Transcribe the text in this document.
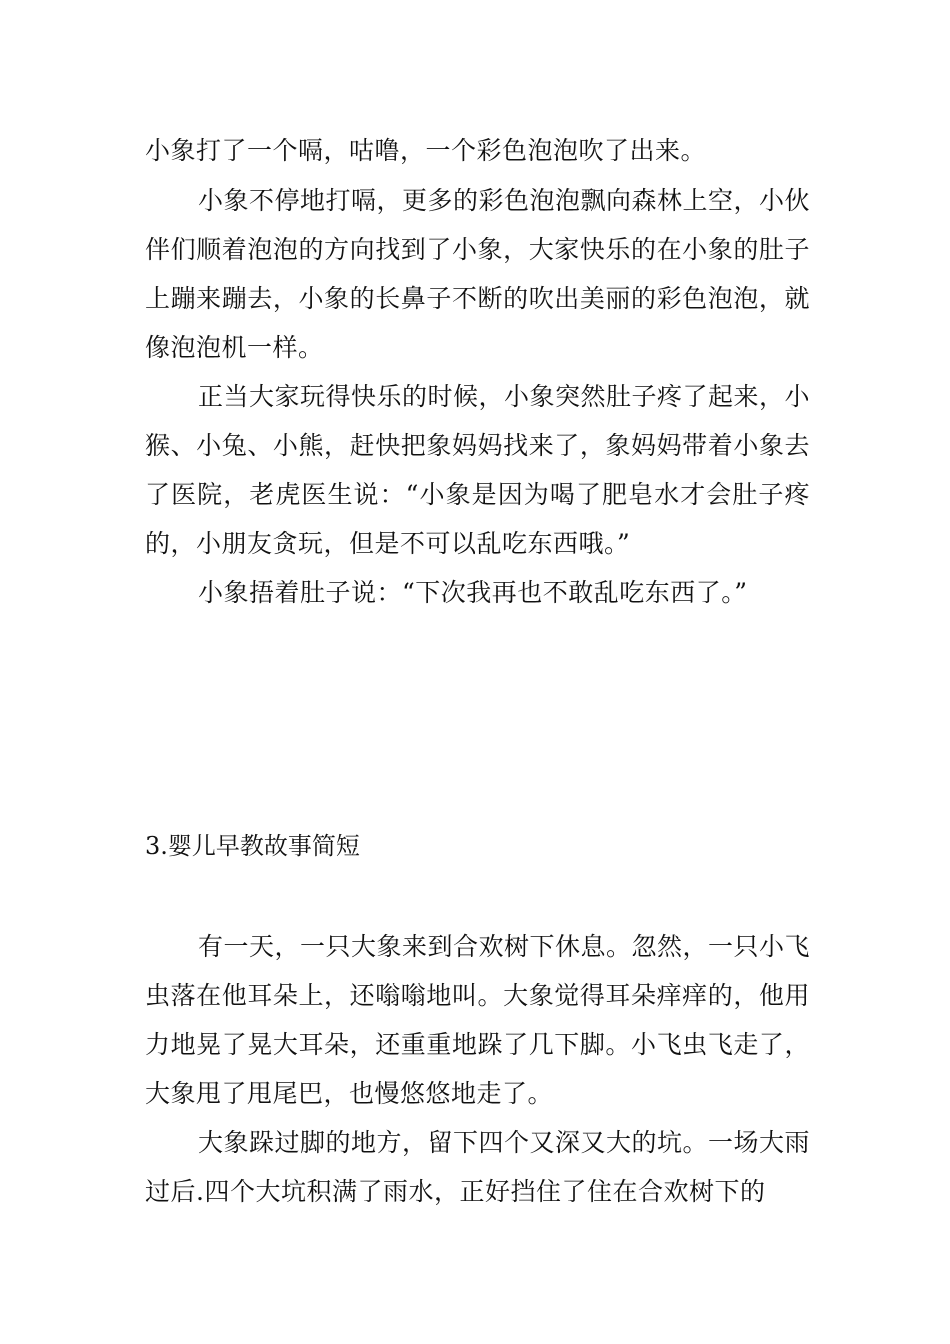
小象打了一个嗝，咕噜，一个彩色泡泡吹了出来。

小象不停地打嗝，更多的彩色泡泡飘向森林上空，小伙伴们顺着泡泡的方向找到了小象，大家快乐的在小象的肚子上蹦来蹦去，小象的长鼻子不断的吹出美丽的彩色泡泡，就像泡泡机一样。

正当大家玩得快乐的时候，小象突然肚子疼了起来，小猴、小兔、小熊，赶快把象妈妈找来了，象妈妈带着小象去了医院，老虎医生说：“小象是因为喝了肥皂水才会肚子疼的，小朋友贪玩，但是不可以乱吃东西哦。”

小象捂着肚子说：“下次我再也不敢乱吃东西了。”

3.婴儿早教故事简短

有一天，一只大象来到合欢树下休息。忽然，一只小飞虫落在他耳朵上，还嗡嗡地叫。大象觉得耳朵痒痒的，他用力地晃了晃大耳朵，还重重地跺了几下脚。小飞虫飞走了，大象甩了甩尾巴，也慢悠悠地走了。

大象跺过脚的地方，留下四个又深又大的坑。一场大雨过后.四个大坑积满了雨水，正好挡住了住在合欢树下的
